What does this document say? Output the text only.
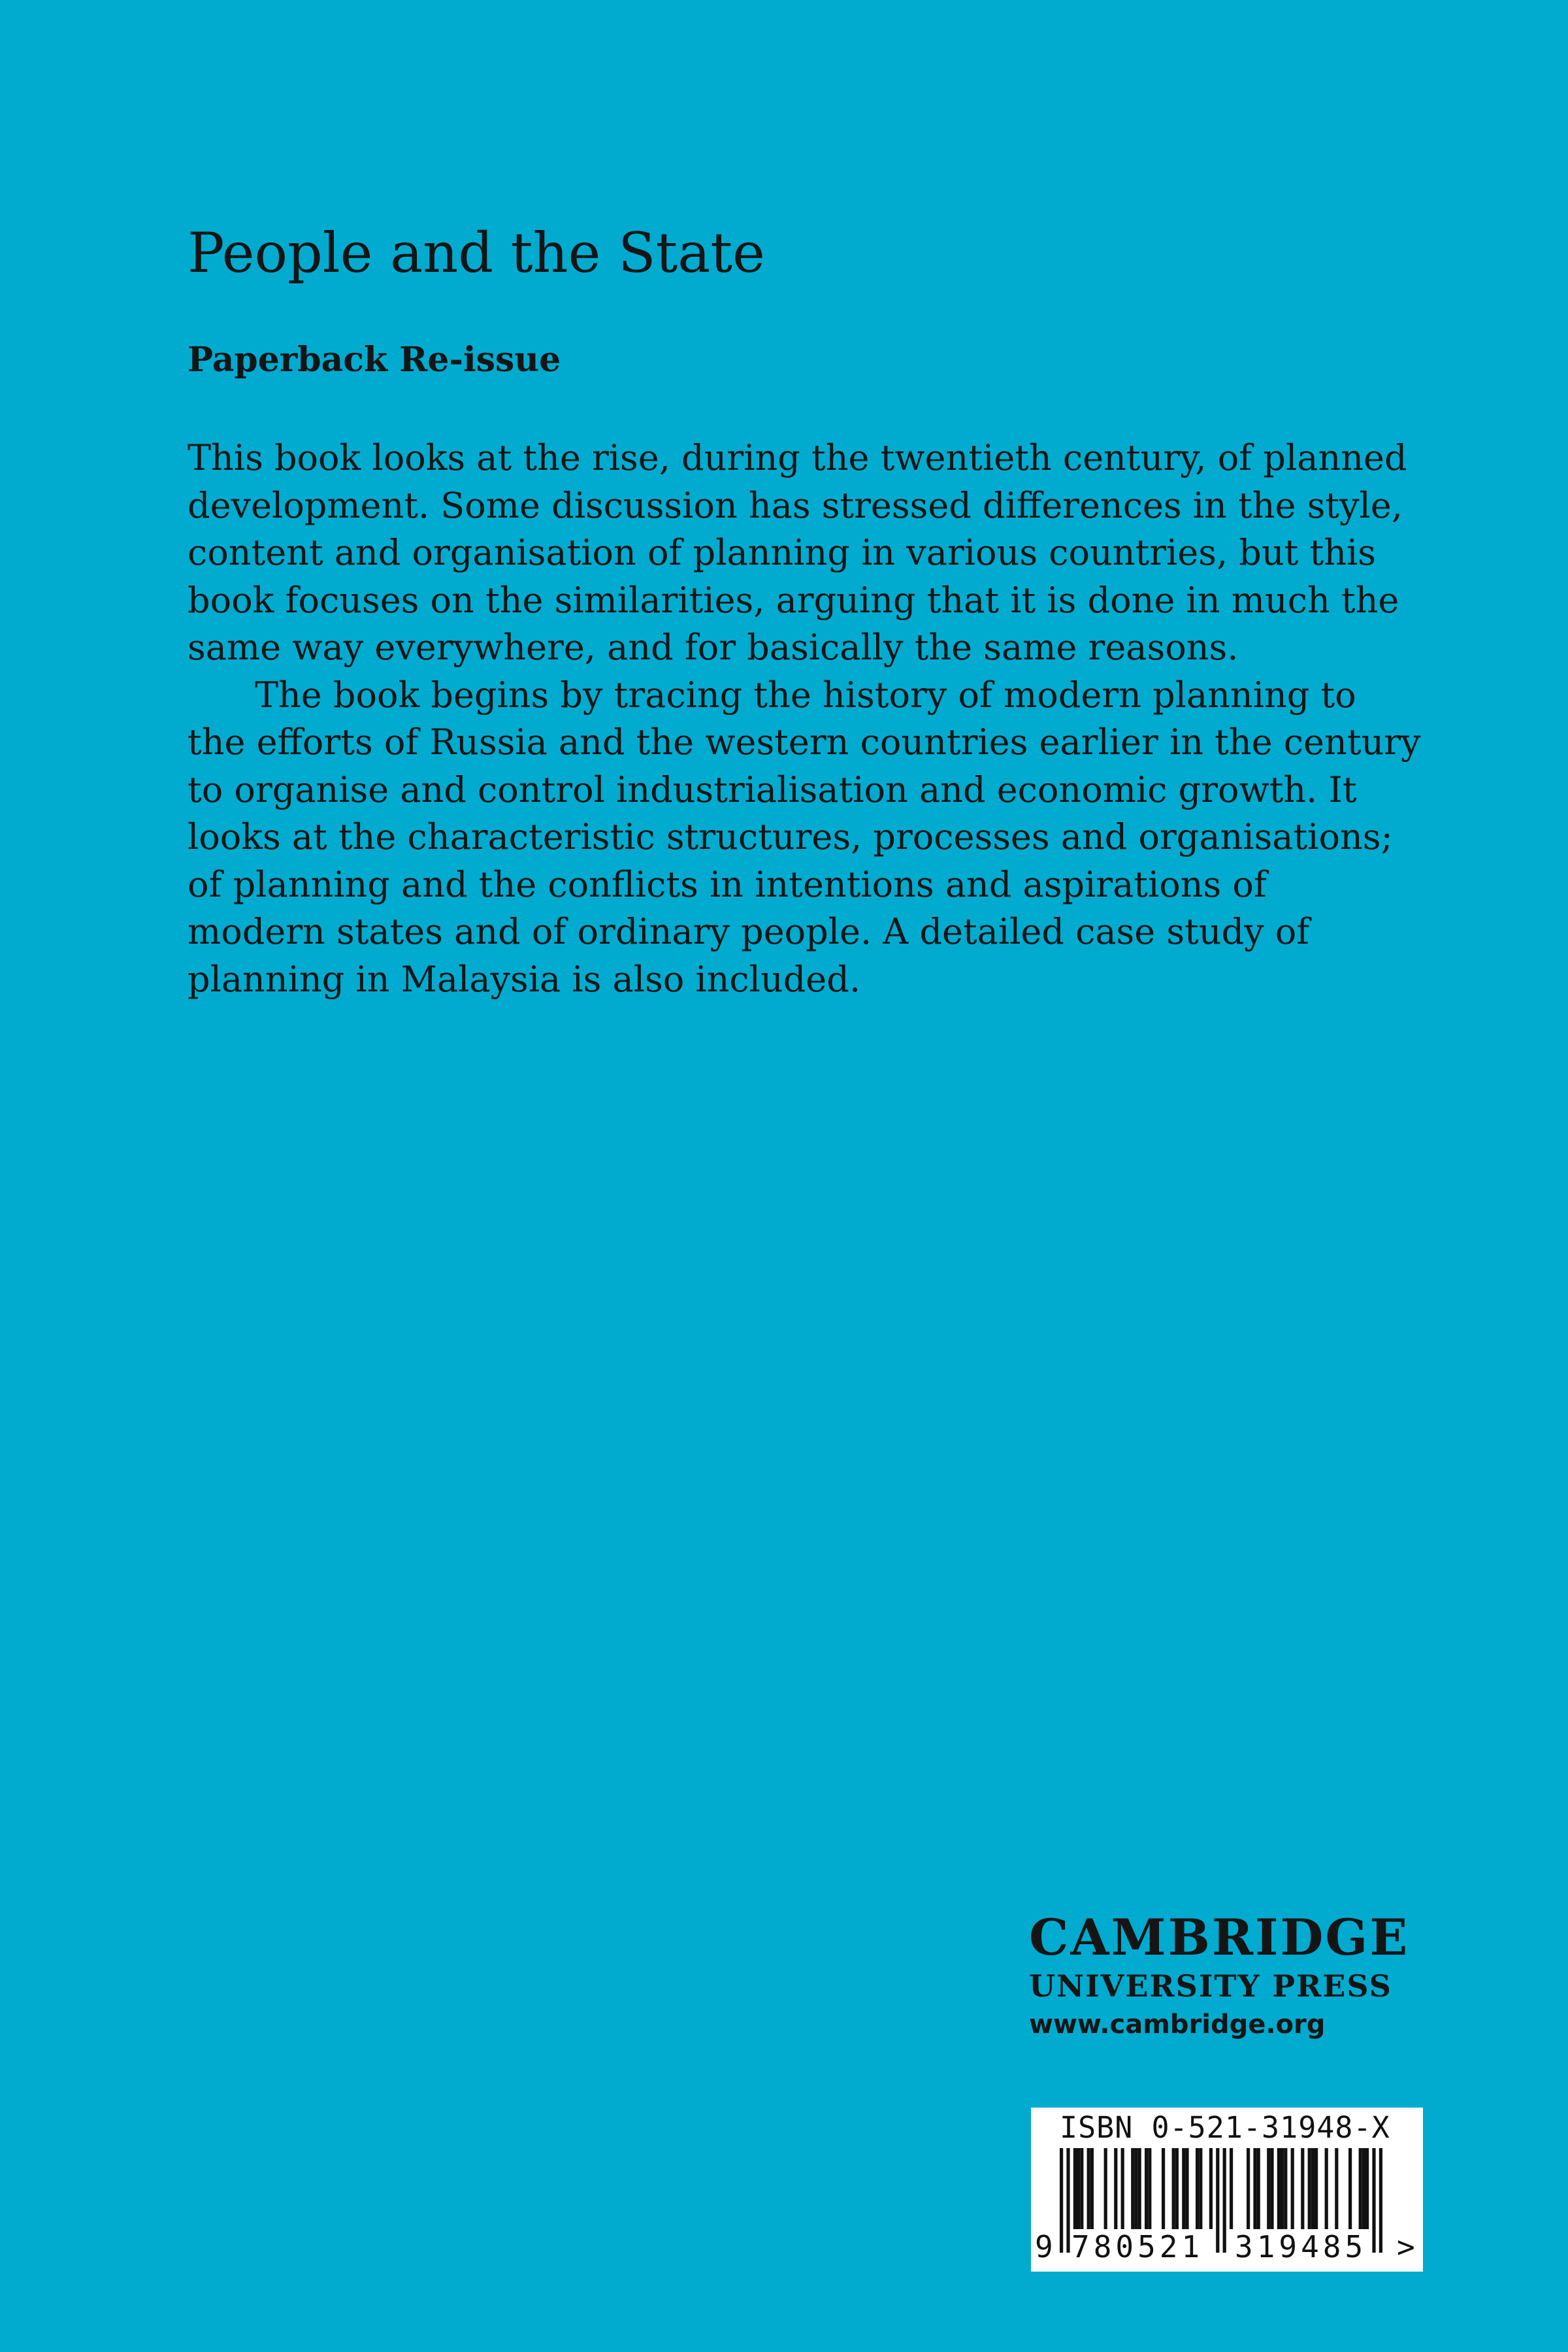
People and the State
Paperback Re-issue

This book looks at the rise, during the twentieth century, of planned

development. Some discussion has stressed differences in the style,

content and organisation of planning in various countries, but this

book focuses on the similarities, arguing that it is done in much the

same way everywhere, and for basically the same reasons.

The book begins by tracing the history of modern planning to

the efforts of Russia and the western countries earlier in the century

to organise and control industrialisation and economic growth. It

looks at the characteristic structures, processes and organisations;

of planning and the conflicts in intentions and aspirations of

modern states and of ordinary people. A detailed case study of

planning in Malaysia is also included.

CAMBRIDGE
UNIVERSITY PRESS
www.cambridge.org
ISBN 0-521-31948-X
9 780521 319485 >
